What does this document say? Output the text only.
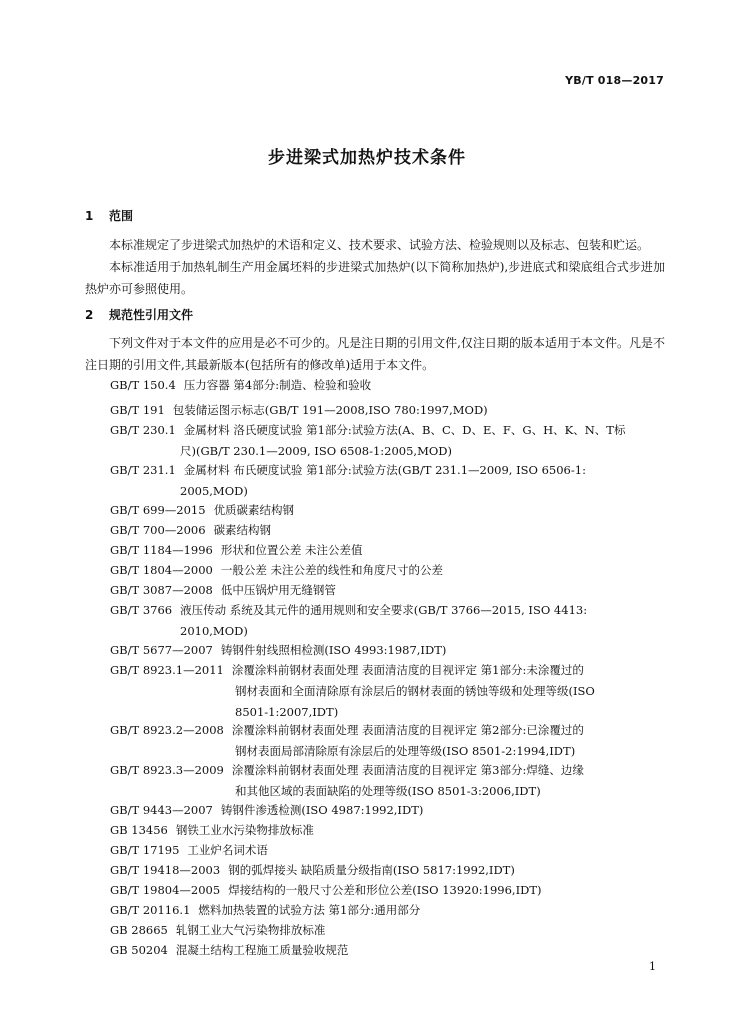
YB/T 018—2017
步进梁式加热炉技术条件
1 范围
本标准规定了步进梁式加热炉的术语和定义、技术要求、试验方法、检验规则以及标志、包装和贮运。
本标准适用于加热轧制生产用金属坯料的步进梁式加热炉(以下简称加热炉),步进底式和梁底组合式步进加热炉亦可参照使用。
2 规范性引用文件
下列文件对于本文件的应用是必不可少的。凡是注日期的引用文件,仅注日期的版本适用于本文件。凡是不注日期的引用文件,其最新版本(包括所有的修改单)适用于本文件。
GB/T 150.4 压力容器 第4部分:制造、检验和验收
GB/T 191 包装储运图示标志(GB/T 191—2008,ISO 780:1997,MOD)
GB/T 230.1 金属材料 洛氏硬度试验 第1部分:试验方法(A、B、C、D、E、F、G、H、K、N、T标
尺)(GB/T 230.1—2009, ISO 6508-1:2005,MOD)
GB/T 231.1 金属材料 布氏硬度试验 第1部分:试验方法(GB/T 231.1—2009, ISO 6506-1:
2005,MOD)
GB/T 699—2015 优质碳素结构钢
GB/T 700—2006 碳素结构钢
GB/T 1184—1996 形状和位置公差 未注公差值
GB/T 1804—2000 一般公差 未注公差的线性和角度尺寸的公差
GB/T 3087—2008 低中压锅炉用无缝钢管
GB/T 3766 液压传动 系统及其元件的通用规则和安全要求(GB/T 3766—2015, ISO 4413:
2010,MOD)
GB/T 5677—2007 铸钢件射线照相检测(ISO 4993:1987,IDT)
GB/T 8923.1—2011 涂覆涂料前钢材表面处理 表面清洁度的目视评定 第1部分:未涂覆过的
钢材表面和全面清除原有涂层后的钢材表面的锈蚀等级和处理等级(ISO
8501-1:2007,IDT)
GB/T 8923.2—2008 涂覆涂料前钢材表面处理 表面清洁度的目视评定 第2部分:已涂覆过的
钢材表面局部清除原有涂层后的处理等级(ISO 8501-2:1994,IDT)
GB/T 8923.3—2009 涂覆涂料前钢材表面处理 表面清洁度的目视评定 第3部分:焊缝、边缘
和其他区域的表面缺陷的处理等级(ISO 8501-3:2006,IDT)
GB/T 9443—2007 铸钢件渗透检测(ISO 4987:1992,IDT)
GB 13456 钢铁工业水污染物排放标准
GB/T 17195 工业炉名词术语
GB/T 19418—2003 钢的弧焊接头 缺陷质量分级指南(ISO 5817:1992,IDT)
GB/T 19804—2005 焊接结构的一般尺寸公差和形位公差(ISO 13920:1996,IDT)
GB/T 20116.1 燃料加热装置的试验方法 第1部分:通用部分
GB 28665 轧钢工业大气污染物排放标准
GB 50204 混凝土结构工程施工质量验收规范
1
